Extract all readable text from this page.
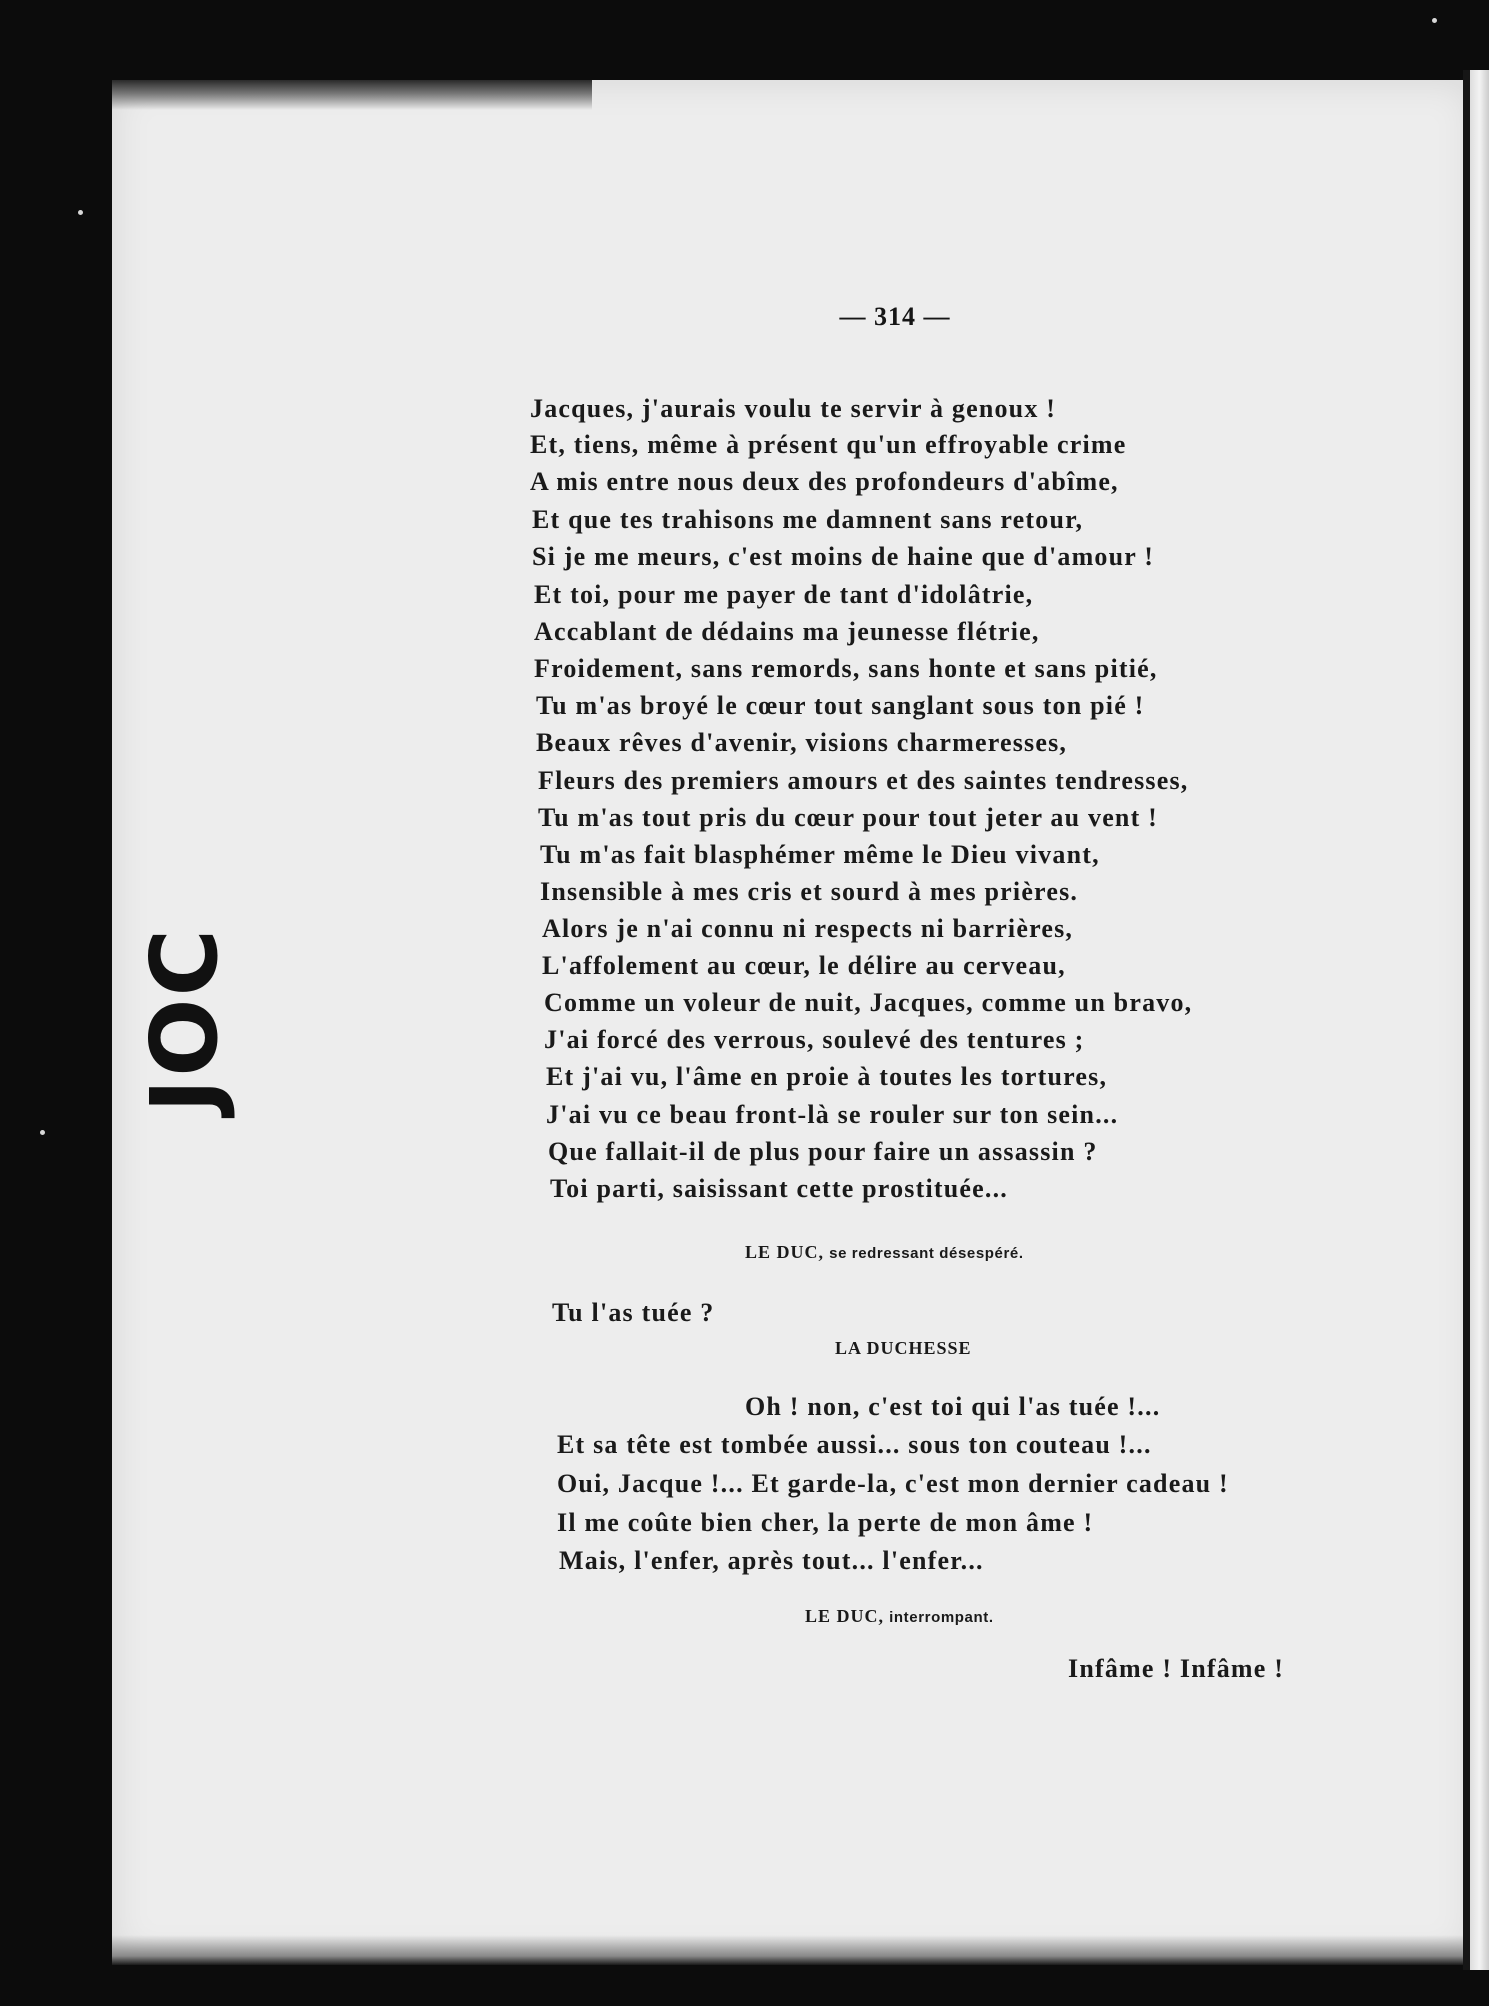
JOC
— 314 —
Jacques, j'aurais voulu te servir à genoux !
Et, tiens, même à présent qu'un effroyable crime
A mis entre nous deux des profondeurs d'abîme,
Et que tes trahisons me damnent sans retour,
Si je me meurs, c'est moins de haine que d'amour !
Et toi, pour me payer de tant d'idolâtrie,
Accablant de dédains ma jeunesse flétrie,
Froidement, sans remords, sans honte et sans pitié,
Tu m'as broyé le cœur tout sanglant sous ton pié !
Beaux rêves d'avenir, visions charmeresses,
Fleurs des premiers amours et des saintes tendresses,
Tu m'as tout pris du cœur pour tout jeter au vent !
Tu m'as fait blasphémer même le Dieu vivant,
Insensible à mes cris et sourd à mes prières.
Alors je n'ai connu ni respects ni barrières,
L'affolement au cœur, le délire au cerveau,
Comme un voleur de nuit, Jacques, comme un bravo,
J'ai forcé des verrous, soulevé des tentures ;
Et j'ai vu, l'âme en proie à toutes les tortures,
J'ai vu ce beau front-là se rouler sur ton sein...
Que fallait-il de plus pour faire un assassin ?
Toi parti, saisissant cette prostituée...
LE DUC, se redressant désespéré.
Tu l'as tuée ?
LA DUCHESSE
Oh ! non, c'est toi qui l'as tuée !...
Et sa tête est tombée aussi... sous ton couteau !...
Oui, Jacque !... Et garde-la, c'est mon dernier cadeau !
Il me coûte bien cher, la perte de mon âme !
Mais, l'enfer, après tout... l'enfer...
LE DUC, interrompant.
Infâme ! Infâme !
